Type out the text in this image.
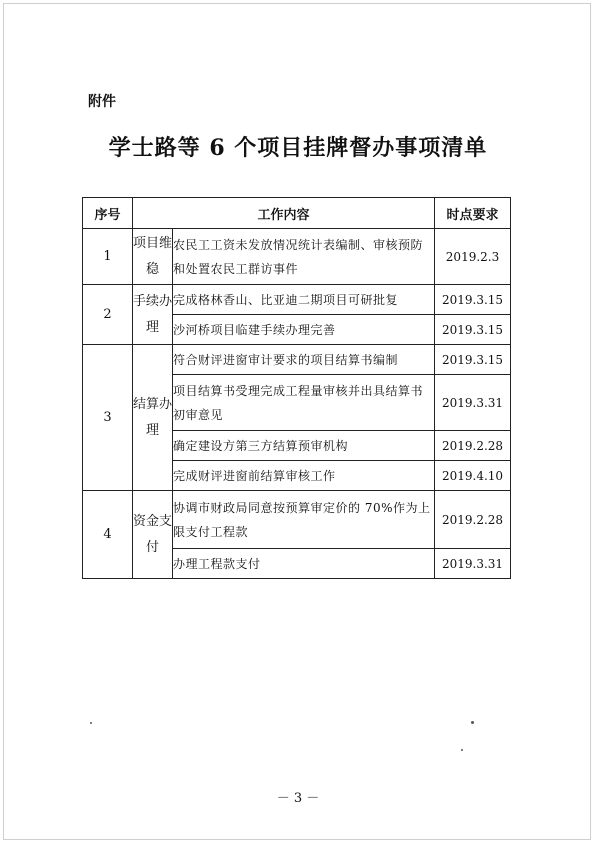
附件
学士路等 6 个项目挂牌督办事项清单
序号	工作内容		时点要求
1	项目维稳	农民工工资未发放情况统计表编制、审核预防和处置农民工群访事件	2019.2.3
2	手续办理	完成格林香山、比亚迪二期项目可研批复	2019.3.15
		沙河桥项目临建手续办理完善	2019.3.15
3	结算办理	符合财评进窗审计要求的项目结算书编制	2019.3.15
		项目结算书受理完成工程量审核并出具结算书初审意见	2019.3.31
		确定建设方第三方结算预审机构	2019.2.28
		完成财评进窗前结算审核工作	2019.4.10
4	资金支付	协调市财政局同意按预算审定价的 70%作为上限支付工程款	2019.2.28
		办理工程款支付	2019.3.31
－ 3 －
